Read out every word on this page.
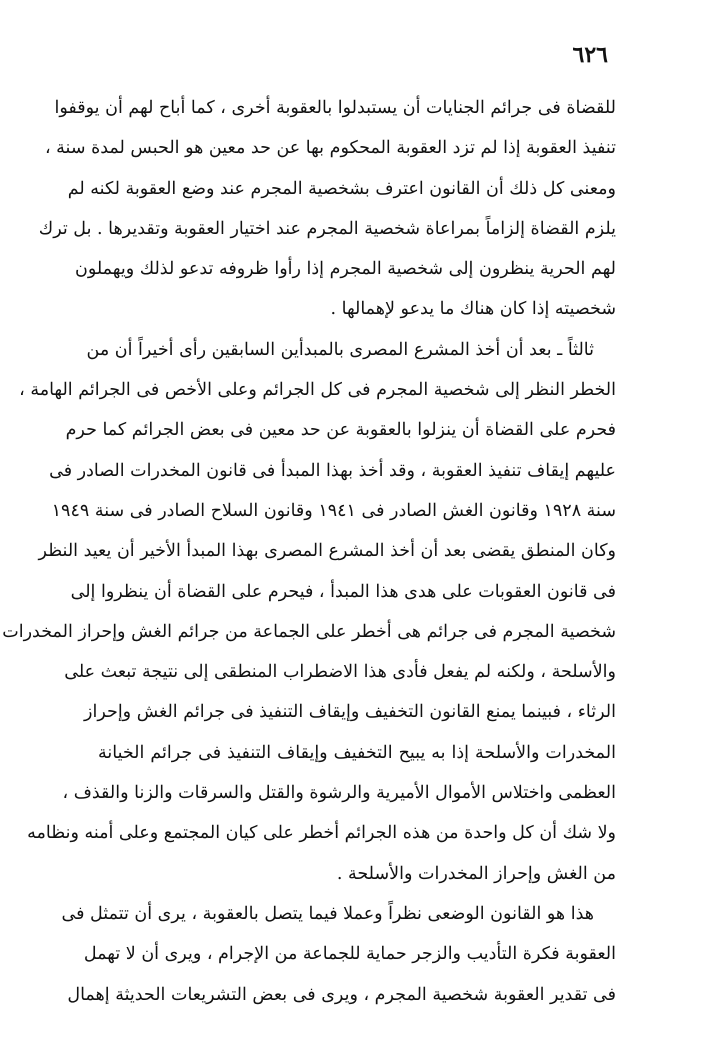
٦٢٦
للقضاة فى جرائم الجنايات أن يستبدلوا بالعقوبة أخرى ، كما أباح لهم أن يوقفوا
تنفيذ العقوبة إذا لم تزد العقوبة المحكوم بها عن حد معين هو الحبس لمدة سنة ،
ومعنى كل ذلك أن القانون اعترف بشخصية المجرم عند وضع العقوبة لكنه لم
يلزم القضاة إلزاماً بمراعاة شخصية المجرم عند اختيار العقوبة وتقديرها . بل ترك
لهم الحرية ينظرون إلى شخصية المجرم إذا رأوا ظروفه تدعو لذلك ويهملون
شخصيته إذا كان هناك ما يدعو لإهمالها .
ثالثاً ـ بعد أن أخذ المشرع المصرى بالمبدأين السابقين رأى أخيراً أن من
الخطر النظر إلى شخصية المجرم فى كل الجرائم وعلى الأخص فى الجرائم الهامة ،
فحرم على القضاة أن ينزلوا بالعقوبة عن حد معين فى بعض الجرائم كما حرم
عليهم إيقاف تنفيذ العقوبة ، وقد أخذ بهذا المبدأ فى قانون المخدرات الصادر فى
سنة ١٩٢٨ وقانون الغش الصادر فى ١٩٤١ وقانون السلاح الصادر فى سنة ١٩٤٩
وكان المنطق يقضى بعد أن أخذ المشرع المصرى بهذا المبدأ الأخير أن يعيد النظر
فى قانون العقوبات على هدى هذا المبدأ ، فيحرم على القضاة أن ينظروا إلى
شخصية المجرم فى جرائم هى أخطر على الجماعة من جرائم الغش وإحراز المخدرات
والأسلحة ، ولكنه لم يفعل فأدى هذا الاضطراب المنطقى إلى نتيجة تبعث على
الرثاء ، فبينما يمنع القانون التخفيف وإيقاف التنفيذ فى جرائم الغش وإحراز
المخدرات والأسلحة إذا به يبيح التخفيف وإيقاف التنفيذ فى جرائم الخيانة
العظمى واختلاس الأموال الأميرية والرشوة والقتل والسرقات والزنا والقذف ،
ولا شك أن كل واحدة من هذه الجرائم أخطر على كيان المجتمع وعلى أمنه ونظامه
من الغش وإحراز المخدرات والأسلحة .
هذا هو القانون الوضعى نظراً وعملا فيما يتصل بالعقوبة ، يرى أن تتمثل فى
العقوبة فكرة التأديب والزجر حماية للجماعة من الإجرام ، ويرى أن لا تهمل
فى تقدير العقوبة شخصية المجرم ، ويرى فى بعض التشريعات الحديثة إهمال
